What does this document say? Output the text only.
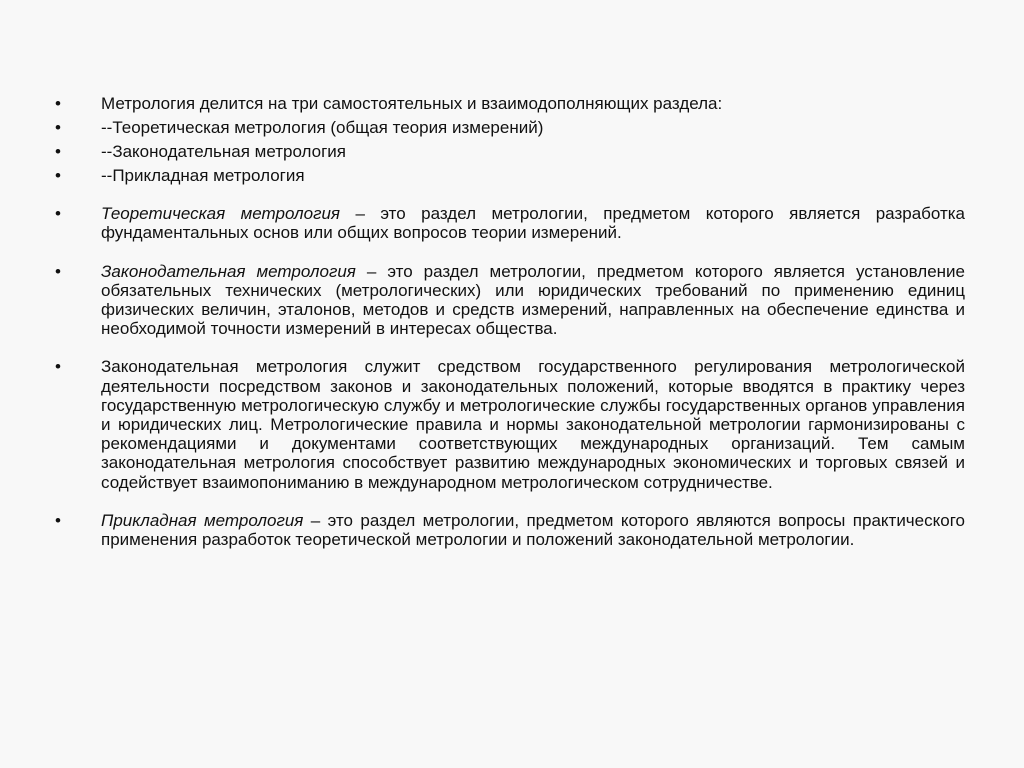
•	Метрология делится на три самостоятельных и взаимодополняющих раздела:
•	--Теоретическая метрология (общая теория измерений)
•	--Законодательная метрология
•	--Прикладная метрология
•	Теоретическая метрология – это раздел метрологии, предметом которого является разработка фундаментальных основ или общих вопросов теории измерений.
•	Законодательная метрология – это раздел метрологии, предметом которого является установление обязательных технических (метрологических) или юридических требований по применению единиц физических величин, эталонов, методов и средств измерений, направленных на обеспечение единства и необходимой точности измерений в интересах общества.
•	Законодательная метрология служит средством государственного регулирования метрологической деятельности посредством законов и законодательных положений, которые вводятся в практику через государственную метрологическую службу и метрологические службы государственных органов управления и юридических лиц. Метрологические правила и нормы законодательной метрологии гармонизированы с рекомендациями и документами соответствующих международных организаций. Тем самым законодательная метрология способствует развитию международных экономических и торговых связей и содействует взаимопониманию в международном метрологическом сотрудничестве.
•	Прикладная метрология – это раздел метрологии, предметом которого являются вопросы практического применения разработок теоретической метрологии и положений законодательной метрологии.
